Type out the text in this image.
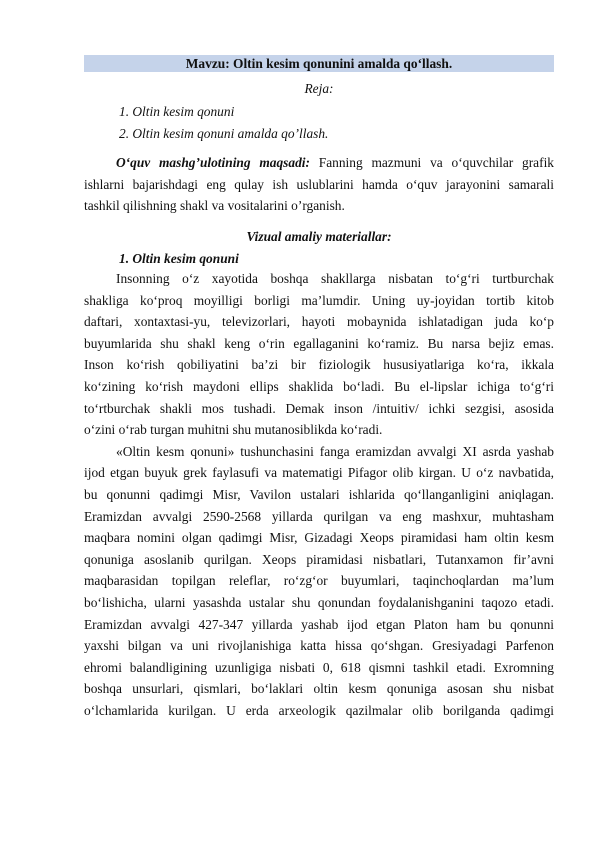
Mavzu: Oltin kesim qonunini amalda qo‘llash.
Reja:
1. Oltin kesim qonuni
2. Oltin kesim qonuni amalda qo’llash.
O‘quv mashg’ulotining maqsadi: Fanning mazmuni va o‘quvchilar grafik
ishlarni bajarishdagi eng qulay ish uslublarini hamda o‘quv jarayonini samarali
tashkil qilishning shakl va vositalarini o’rganish.
Vizual amaliy materiallar:
1. Oltin kesim qonuni
Insonning o‘z xayotida boshqa shakllarga nisbatan to‘g‘ri turtburchak
shakliga ko‘proq moyilligi borligi ma’lumdir. Uning uy-joyidan tortib kitob
daftari, xontaxtasi-yu, televizorlari, hayoti mobaynida ishlatadigan juda ko‘p
buyumlarida shu shakl keng o‘rin egallaganini ko‘ramiz. Bu narsa bejiz emas.
Inson ko‘rish qobiliyatini ba’zi bir fiziologik hususiyatlariga ko‘ra, ikkala
ko‘zining ko‘rish maydoni ellips shaklida bo‘ladi. Bu el-lipslar ichiga to‘g‘ri
to‘rtburchak shakli mos tushadi. Demak inson /intuitiv/ ichki sezgisi, asosida
o‘zini o‘rab turgan muhitni shu mutanosiblikda ko‘radi.
«Oltin kesm qonuni» tushunchasini fanga eramizdan avvalgi XI asrda yashab
ijod etgan buyuk grek faylasufi va matematigi Pifagor olib kirgan. U o‘z navbatida,
bu qonunni qadimgi Misr, Vavilon ustalari ishlarida qo‘llanganligini aniqlagan.
Eramizdan avvalgi 2590-2568 yillarda qurilgan va eng mashxur, muhtasham
maqbara nomini olgan qadimgi Misr, Gizadagi Xeops piramidasi ham oltin kesm
qonuniga asoslanib qurilgan. Xeops piramidasi nisbatlari, Tutanxamon fir’avni
maqbarasidan topilgan releflar, ro‘zg‘or buyumlari, taqinchoqlardan ma’lum
bo‘lishicha, ularni yasashda ustalar shu qonundan foydalanishganini taqozo etadi.
Eramizdan avvalgi 427-347 yillarda yashab ijod etgan Platon ham bu qonunni
yaxshi bilgan va uni rivojlanishiga katta hissa qo‘shgan. Gresiyadagi Parfenon
ehromi balandligining uzunligiga nisbati 0, 618 qismni tashkil etadi. Exromning
boshqa unsurlari, qismlari, bo‘laklari oltin kesm qonuniga asosan shu nisbat
o‘lchamlarida kurilgan. U erda arxeologik qazilmalar olib borilganda qadimgi
